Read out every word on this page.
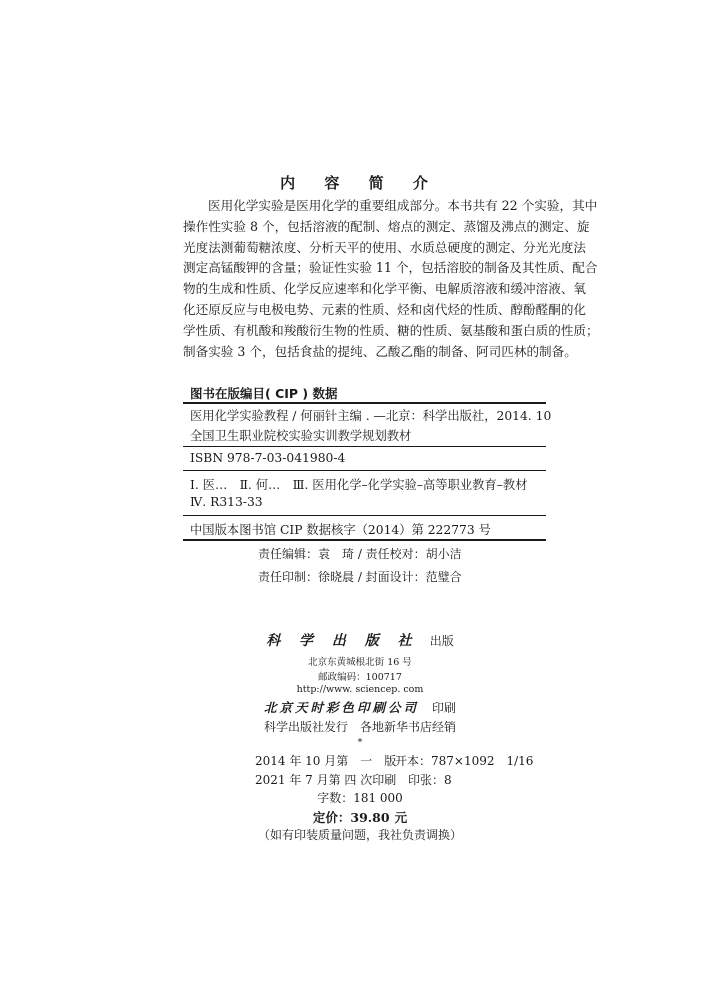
内 容 简 介
医用化学实验是医用化学的重要组成部分。本书共有 22 个实验，其中
操作性实验 8 个，包括溶液的配制、熔点的测定、蒸馏及沸点的测定、旋
光度法测葡萄糖浓度、分析天平的使用、水质总硬度的测定、分光光度法
测定高锰酸钾的含量；验证性实验 11 个，包括溶胶的制备及其性质、配合
物的生成和性质、化学反应速率和化学平衡、电解质溶液和缓冲溶液、氧
化还原反应与电极电势、元素的性质、烃和卤代烃的性质、醇酚醛酮的化
学性质、有机酸和羧酸衍生物的性质、糖的性质、氨基酸和蛋白质的性质；
制备实验 3 个，包括食盐的提纯、乙酸乙酯的制备、阿司匹林的制备。
图书在版编目( CIP ) 数据
医用化学实验教程 / 何丽针主编 . —北京：科学出版社，2014. 10
全国卫生职业院校实验实训教学规划教材
ISBN 978-7-03-041980-4
Ⅰ. 医…　Ⅱ. 何…　Ⅲ. 医用化学–化学实验–高等职业教育–教材
Ⅳ. R313-33
中国版本图书馆 CIP 数据核字（2014）第 222773 号
责任编辑：袁　琦 / 责任校对：胡小洁
责任印制：徐晓晨 / 封面设计：范璧合
科 学 出 版 社 出版
北京东黄城根北街 16 号
邮政编码：100717
http://www. sciencep. com
北京天时彩色印刷公司 印刷
科学出版社发行　各地新华书店经销
*
2014 年 10 月第　一　版
开本：787×1092　1/16
2021 年 7 月第 四 次印刷 印张：8
字数：181 000
定价：39.80 元
（如有印装质量问题，我社负责调换）
